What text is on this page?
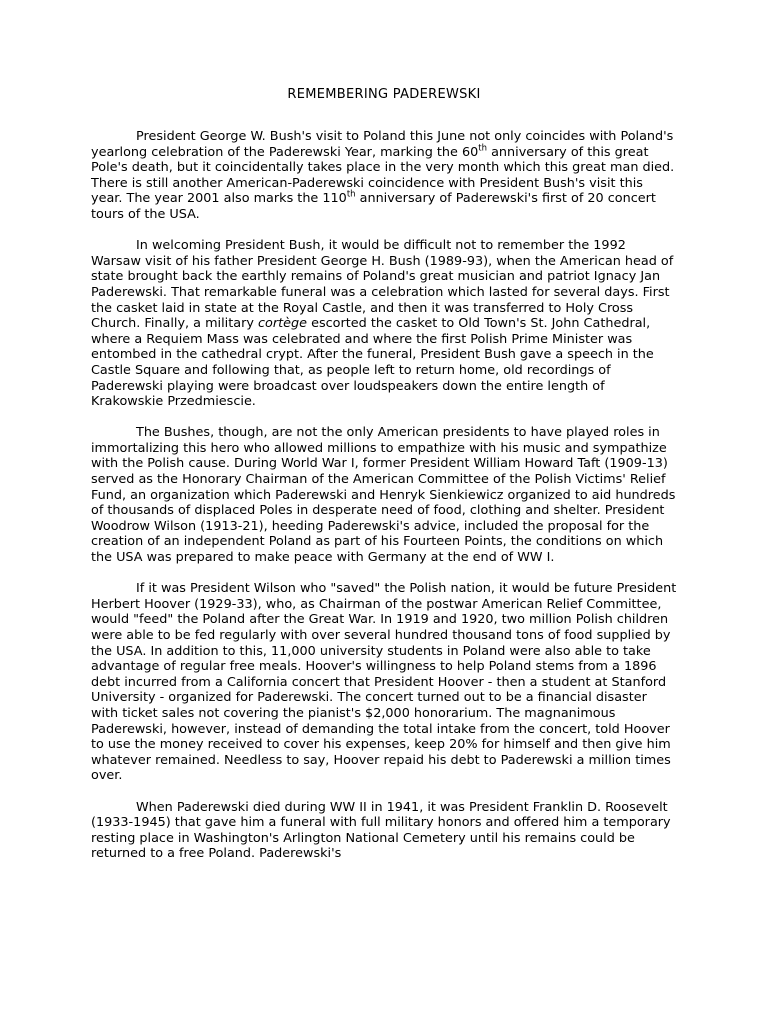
REMEMBERING PADEREWSKI

President George W. Bush's visit to Poland this June not only coincides with Poland's yearlong celebration of the Paderewski Year, marking the 60th anniversary of this great Pole's death, but it coincidentally takes place in the very month which this great man died. There is still another American-Paderewski coincidence with President Bush's visit this year. The year 2001 also marks the 110th anniversary of Paderewski's first of 20 concert tours of the USA.

In welcoming President Bush, it would be difficult not to remember the 1992 Warsaw visit of his father President George H. Bush (1989-93), when the American head of state brought back the earthly remains of Poland's great musician and patriot Ignacy Jan Paderewski. That remarkable funeral was a celebration which lasted for several days. First the casket laid in state at the Royal Castle, and then it was transferred to Holy Cross Church. Finally, a military cortège escorted the casket to Old Town's St. John Cathedral, where a Requiem Mass was celebrated and where the first Polish Prime Minister was entombed in the cathedral crypt. After the funeral, President Bush gave a speech in the Castle Square and following that, as people left to return home, old recordings of Paderewski playing were broadcast over loudspeakers down the entire length of Krakowskie Przedmiescie.

The Bushes, though, are not the only American presidents to have played roles in immortalizing this hero who allowed millions to empathize with his music and sympathize with the Polish cause. During World War I, former President William Howard Taft (1909-13) served as the Honorary Chairman of the American Committee of the Polish Victims' Relief Fund, an organization which Paderewski and Henryk Sienkiewicz organized to aid hundreds of thousands of displaced Poles in desperate need of food, clothing and shelter. President Woodrow Wilson (1913-21), heeding Paderewski's advice, included the proposal for the creation of an independent Poland as part of his Fourteen Points, the conditions on which the USA was prepared to make peace with Germany at the end of WW I.

If it was President Wilson who "saved" the Polish nation, it would be future President Herbert Hoover (1929-33), who, as Chairman of the postwar American Relief Committee, would "feed" the Poland after the Great War. In 1919 and 1920, two million Polish children were able to be fed regularly with over several hundred thousand tons of food supplied by the USA. In addition to this, 11,000 university students in Poland were also able to take advantage of regular free meals. Hoover's willingness to help Poland stems from a 1896 debt incurred from a California concert that President Hoover - then a student at Stanford University - organized for Paderewski. The concert turned out to be a financial disaster with ticket sales not covering the pianist's $2,000 honorarium. The magnanimous Paderewski, however, instead of demanding the total intake from the concert, told Hoover to use the money received to cover his expenses, keep 20% for himself and then give him whatever remained. Needless to say, Hoover repaid his debt to Paderewski a million times over.

When Paderewski died during WW II in 1941, it was President Franklin D. Roosevelt (1933-1945) that gave him a funeral with full military honors and offered him a temporary resting place in Washington's Arlington National Cemetery until his remains could be returned to a free Poland. Paderewski's
